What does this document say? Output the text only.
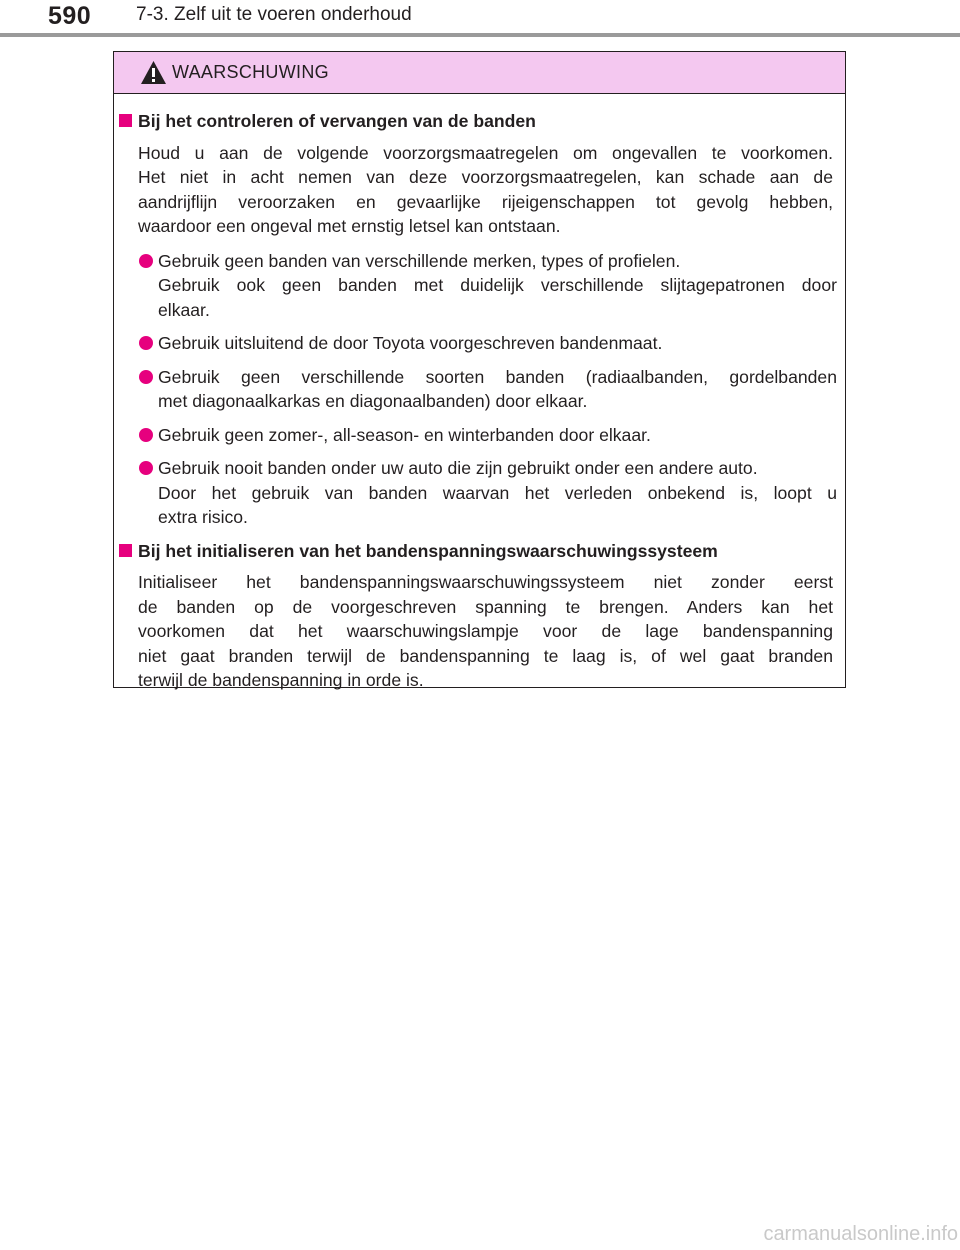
590 7-3. Zelf uit te voeren onderhoud
WAARSCHUWING
Bij het controleren of vervangen van de banden
Houd u aan de volgende voorzorgsmaatregelen om ongevallen te voorkomen.
Het niet in acht nemen van deze voorzorgsmaatregelen, kan schade aan de
aandrijflijn veroorzaken en gevaarlijke rijeigenschappen tot gevolg hebben,
waardoor een ongeval met ernstig letsel kan ontstaan.
Gebruik geen banden van verschillende merken, types of profielen.
Gebruik ook geen banden met duidelijk verschillende slijtagepatronen door
elkaar.
Gebruik uitsluitend de door Toyota voorgeschreven bandenmaat.
Gebruik geen verschillende soorten banden (radiaalbanden, gordelbanden
met diagonaalkarkas en diagonaalbanden) door elkaar.
Gebruik geen zomer-, all-season- en winterbanden door elkaar.
Gebruik nooit banden onder uw auto die zijn gebruikt onder een andere auto.
Door het gebruik van banden waarvan het verleden onbekend is, loopt u
extra risico.
Bij het initialiseren van het bandenspanningswaarschuwingssysteem
Initialiseer het bandenspanningswaarschuwingssysteem niet zonder eerst
de banden op de voorgeschreven spanning te brengen. Anders kan het
voorkomen dat het waarschuwingslampje voor de lage bandenspanning
niet gaat branden terwijl de bandenspanning te laag is, of wel gaat branden
terwijl de bandenspanning in orde is.
carmanualsonline.info
